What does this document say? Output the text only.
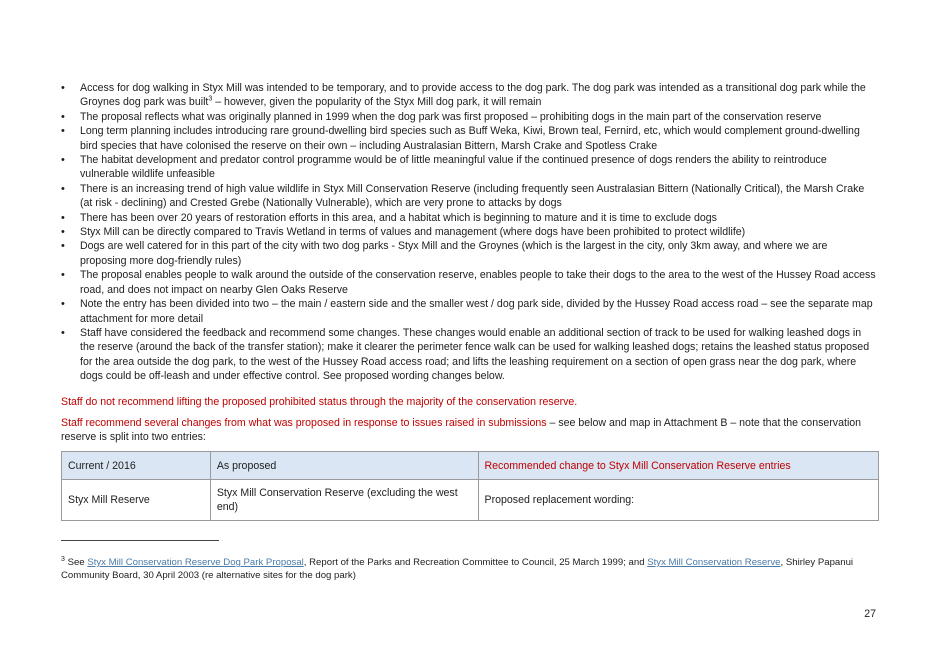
• Access for dog walking in Styx Mill was intended to be temporary, and to provide access to the dog park. The dog park was intended as a transitional dog park while the Groynes dog park was built$^3$ – however, given the popularity of the Styx Mill dog park, it will remain
• The proposal reflects what was originally planned in 1999 when the dog park was first proposed – prohibiting dogs in the main part of the conservation reserve
• Long term planning includes introducing rare ground-dwelling bird species such as Buff Weka, Kiwi, Brown teal, Fernird, etc, which would complement ground-dwelling bird species that have colonised the reserve on their own – including Australasian Bittern, Marsh Crake and Spotless Crake
• The habitat development and predator control programme would be of little meaningful value if the continued presence of dogs renders the ability to reintroduce vulnerable wildlife unfeasible
• There is an increasing trend of high value wildlife in Styx Mill Conservation Reserve (including frequently seen Australasian Bittern (Nationally Critical), the Marsh Crake (at risk - declining) and Crested Grebe (Nationally Vulnerable), which are very prone to attacks by dogs
• There has been over 20 years of restoration efforts in this area, and a habitat which is beginning to mature and it is time to exclude dogs
• Styx Mill can be directly compared to Travis Wetland in terms of values and management (where dogs have been prohibited to protect wildlife)
• Dogs are well catered for in this part of the city with two dog parks - Styx Mill and the Groynes (which is the largest in the city, only 3km away, and where we are proposing more dog-friendly rules)
• The proposal enables people to walk around the outside of the conservation reserve, enables people to take their dogs to the area to the west of the Hussey Road access road, and does not impact on nearby Glen Oaks Reserve
• Note the entry has been divided into two – the main / eastern side and the smaller west / dog park side, divided by the Hussey Road access road – see the separate map attachment for more detail
• Staff have considered the feedback and recommend some changes. These changes would enable an additional section of track to be used for walking leashed dogs in the reserve (around the back of the transfer station); make it clearer the perimeter fence walk can be used for walking leashed dogs; retains the leashed status proposed for the area outside the dog park, to the west of the Hussey Road access road; and lifts the leashing requirement on a section of open grass near the dog park, where dogs could be off-leash and under effective control. See proposed wording changes below.

Staff do not recommend lifting the proposed prohibited status through the majority of the conservation reserve.

Staff recommend several changes from what was proposed in response to issues raised in submissions – see below and map in Attachment B – note that the conservation reserve is split into two entries:

Current / 2016	As proposed	Recommended change to Styx Mill Conservation Reserve entries
Styx Mill Reserve	Styx Mill Conservation Reserve (excluding the west end)	Proposed replacement wording:
$^3$ See Styx Mill Conservation Reserve Dog Park Proposal, Report of the Parks and Recreation Committee to Council, 25 March 1999; and Styx Mill Conservation Reserve, Shirley Papanui Community Board, 30 April 2003 (re alternative sites for the dog park)
27
